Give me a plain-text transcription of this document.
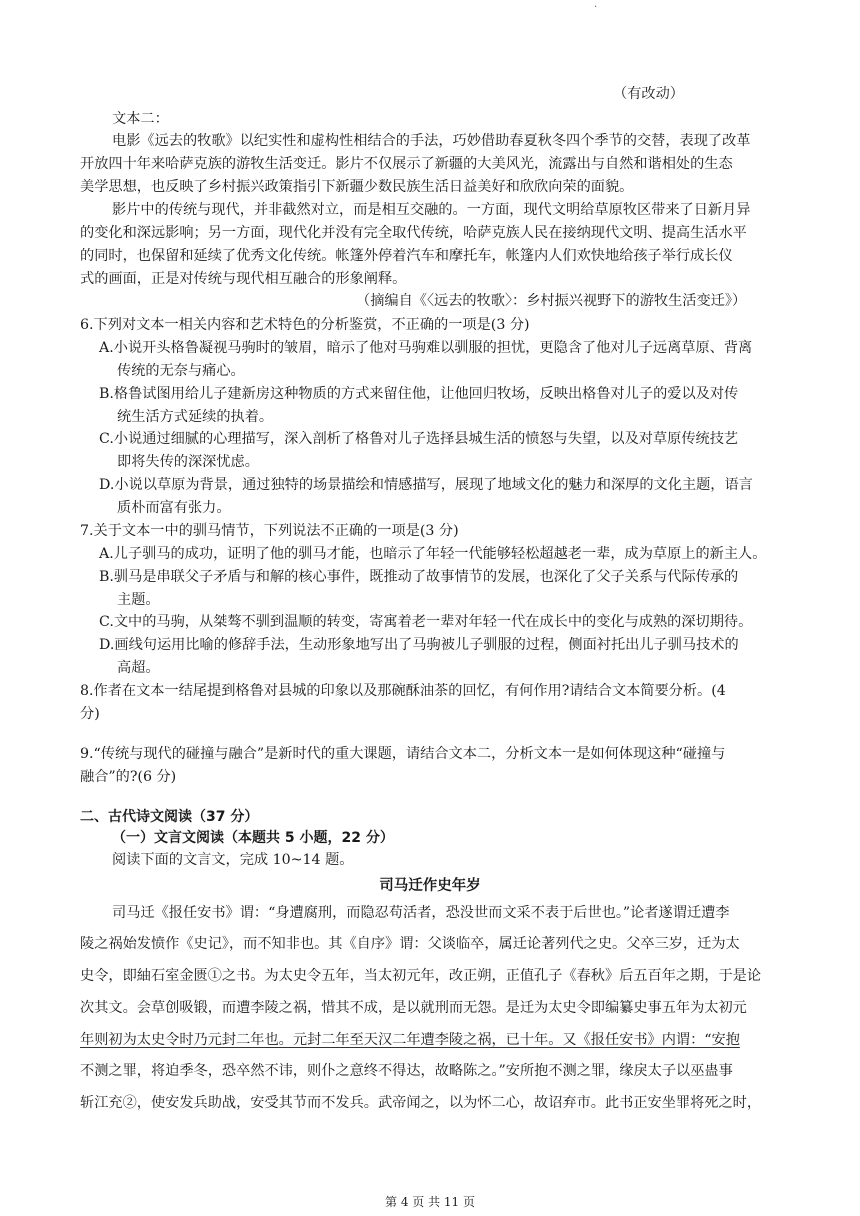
·
（有改动）
文本二：
电影《远去的牧歌》以纪实性和虚构性相结合的手法，巧妙借助春夏秋冬四个季节的交替，表现了改革
开放四十年来哈萨克族的游牧生活变迁。影片不仅展示了新疆的大美风光，流露出与自然和谐相处的生态
美学思想，也反映了乡村振兴政策指引下新疆少数民族生活日益美好和欣欣向荣的面貌。
影片中的传统与现代，并非截然对立，而是相互交融的。一方面，现代文明给草原牧区带来了日新月异
的变化和深远影响；另一方面，现代化并没有完全取代传统，哈萨克族人民在接纳现代文明、提高生活水平
的同时，也保留和延续了优秀文化传统。帐篷外停着汽车和摩托车，帐篷内人们欢快地给孩子举行成长仪
式的画面，正是对传统与现代相互融合的形象阐释。
（摘编自《〈远去的牧歌〉：乡村振兴视野下的游牧生活变迁》）
6.下列对文本一相关内容和艺术特色的分析鉴赏，不正确的一项是(3 分)
A.小说开头格鲁凝视马驹时的皱眉，暗示了他对马驹难以驯服的担忧，更隐含了他对儿子远离草原、背离
传统的无奈与痛心。
B.格鲁试图用给儿子建新房这种物质的方式来留住他，让他回归牧场，反映出格鲁对儿子的爱以及对传
统生活方式延续的执着。
C.小说通过细腻的心理描写，深入剖析了格鲁对儿子选择县城生活的愤怒与失望，以及对草原传统技艺
即将失传的深深忧虑。
D.小说以草原为背景，通过独特的场景描绘和情感描写，展现了地域文化的魅力和深厚的文化主题，语言
质朴而富有张力。
7.关于文本一中的驯马情节，下列说法不正确的一项是(3 分)
A.儿子驯马的成功，证明了他的驯马才能，也暗示了年轻一代能够轻松超越老一辈，成为草原上的新主人。
B.驯马是串联父子矛盾与和解的核心事件，既推动了故事情节的发展，也深化了父子关系与代际传承的
主题。
C.文中的马驹，从桀骜不驯到温顺的转变，寄寓着老一辈对年轻一代在成长中的变化与成熟的深切期待。
D.画线句运用比喻的修辞手法，生动形象地写出了马驹被儿子驯服的过程，侧面衬托出儿子驯马技术的
高超。
8.作者在文本一结尾提到格鲁对县城的印象以及那碗酥油茶的回忆，有何作用?请结合文本简要分析。(4
分)
9.“传统与现代的碰撞与融合”是新时代的重大课题，请结合文本二，分析文本一是如何体现这种“碰撞与
融合”的?(6 分)
二、古代诗文阅读（37 分）
（一）文言文阅读（本题共 5 小题，22 分）
阅读下面的文言文，完成 10~14 题。
司马迁作史年岁
司马迁《报任安书》谓：“身遭腐刑，而隐忍苟活者，恐没世而文采不表于后世也。”论者遂谓迁遭李
陵之祸始发愤作《史记》，而不知非也。其《自序》谓：父谈临卒，属迁论著列代之史。父卒三岁，迁为太
史令，即紬石室金匮①之书。为太史令五年，当太初元年，改正朔，正值孔子《春秋》后五百年之期，于是论
次其文。会草创吸锻，而遭李陵之祸，惜其不成，是以就刑而无怨。是迁为太史令即编纂史事五年为太初元
年则初为太史令时乃元封二年也。元封二年至天汉二年遭李陵之祸，已十年。又《报任安书》内谓：“安抱
不测之罪，将迫季冬，恐卒然不讳，则仆之意终不得达，故略陈之。”安所抱不测之罪，缘戾太子以巫蛊事
斩江充②，使安发兵助战，安受其节而不发兵。武帝闻之，以为怀二心，故诏弃市。此书正安坐罪将死之时，
第 4 页 共 11 页
